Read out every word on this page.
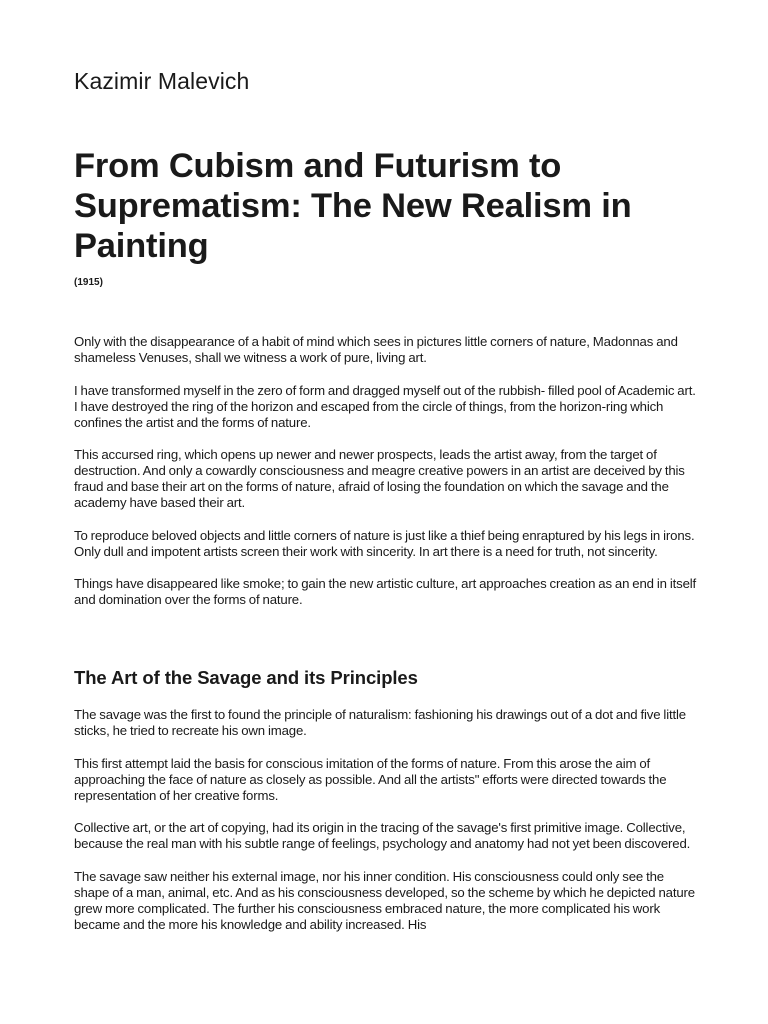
Kazimir Malevich
From Cubism and Futurism to Suprematism: The New Realism in Painting
(1915)

Only with the disappearance of a habit of mind which sees in pictures little corners of nature, Madonnas and shameless Venuses, shall we witness a work of pure, living art.

I have transformed myself in the zero of form and dragged myself out of the rubbish- filled pool of Academic art. I have destroyed the ring of the horizon and escaped from the circle of things, from the horizon-ring which confines the artist and the forms of nature.

This accursed ring, which opens up newer and newer prospects, leads the artist away, from the target of destruction. And only a cowardly consciousness and meagre creative powers in an artist are deceived by this fraud and base their art on the forms of nature, afraid of losing the foundation on which the savage and the academy have based their art.

To reproduce beloved objects and little corners of nature is just like a thief being enraptured by his legs in irons. Only dull and impotent artists screen their work with sincerity. In art there is a need for truth, not sincerity.

Things have disappeared like smoke; to gain the new artistic culture, art approaches creation as an end in itself and domination over the forms of nature.

The Art of the Savage and its Principles

The savage was the first to found the principle of naturalism: fashioning his drawings out of a dot and five little sticks, he tried to recreate his own image.

This first attempt laid the basis for conscious imitation of the forms of nature. From this arose the aim of approaching the face of nature as closely as possible. And all the artists" efforts were directed towards the representation of her creative forms.

Collective art, or the art of copying, had its origin in the tracing of the savage's first primitive image. Collective, because the real man with his subtle range of feelings, psychology and anatomy had not yet been discovered.

The savage saw neither his external image, nor his inner condition. His consciousness could only see the shape of a man, animal, etc. And as his consciousness developed, so the scheme by which he depicted nature grew more complicated. The further his consciousness embraced nature, the more complicated his work became and the more his knowledge and ability increased. His
